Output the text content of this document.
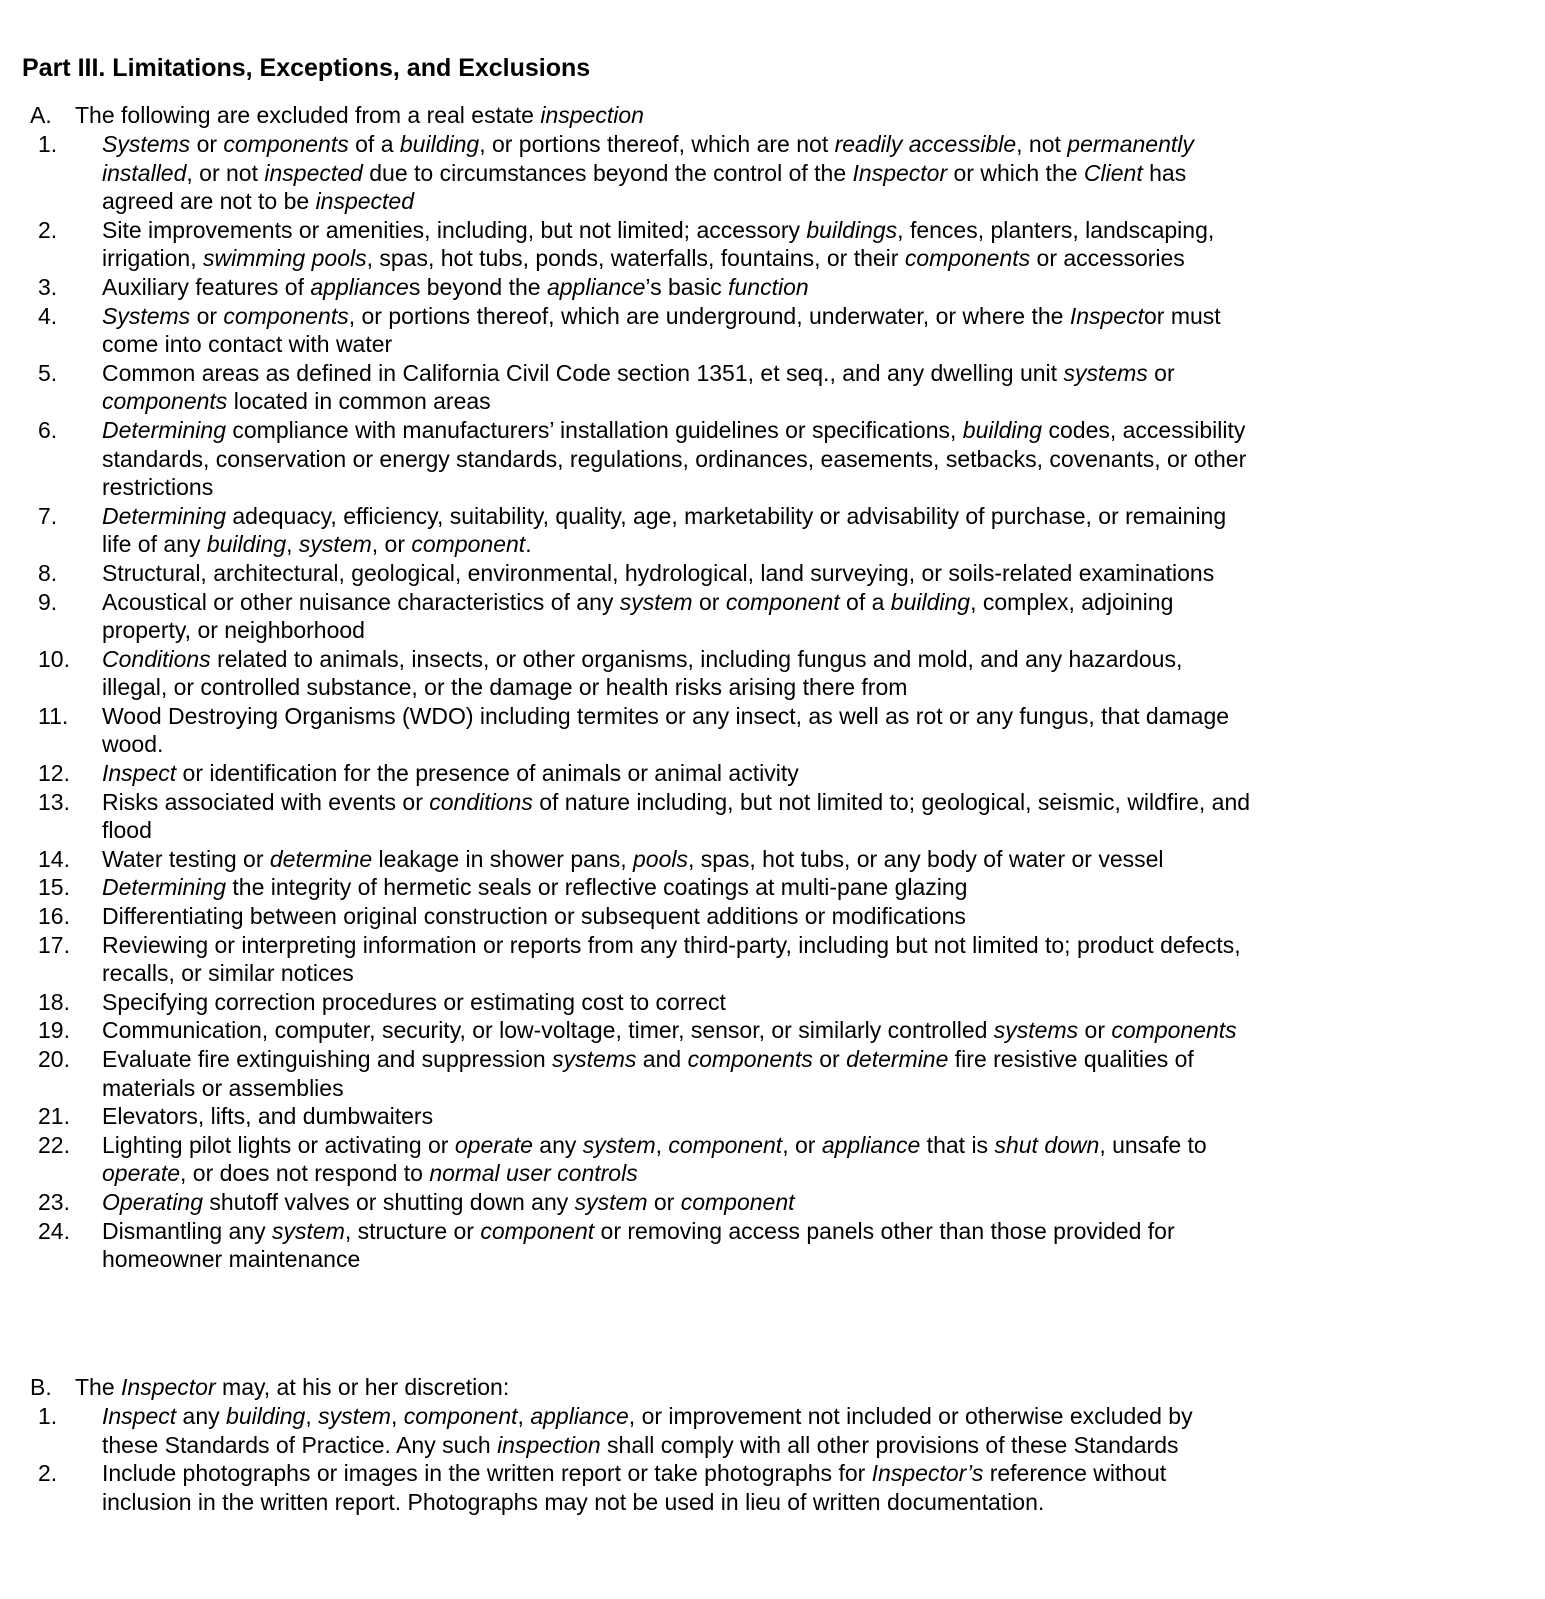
Part III. Limitations, Exceptions, and Exclusions
A. The following are excluded from a real estate inspection
1. Systems or components of a building, or portions thereof, which are not readily accessible, not permanently installed, or not inspected due to circumstances beyond the control of the Inspector or which the Client has agreed are not to be inspected
2. Site improvements or amenities, including, but not limited; accessory buildings, fences, planters, landscaping, irrigation, swimming pools, spas, hot tubs, ponds, waterfalls, fountains, or their components or accessories
3. Auxiliary features of appliances beyond the appliance’s basic function
4. Systems or components, or portions thereof, which are underground, underwater, or where the Inspector must come into contact with water
5. Common areas as defined in California Civil Code section 1351, et seq., and any dwelling unit systems or components located in common areas
6. Determining compliance with manufacturers’ installation guidelines or specifications, building codes, accessibility standards, conservation or energy standards, regulations, ordinances, easements, setbacks, covenants, or other restrictions
7. Determining adequacy, efficiency, suitability, quality, age, marketability or advisability of purchase, or remaining life of any building, system, or component.
8. Structural, architectural, geological, environmental, hydrological, land surveying, or soils-related examinations
9. Acoustical or other nuisance characteristics of any system or component of a building, complex, adjoining property, or neighborhood
10. Conditions related to animals, insects, or other organisms, including fungus and mold, and any hazardous, illegal, or controlled substance, or the damage or health risks arising there from
11. Wood Destroying Organisms (WDO) including termites or any insect, as well as rot or any fungus, that damage wood.
12. Inspect or identification for the presence of animals or animal activity
13. Risks associated with events or conditions of nature including, but not limited to; geological, seismic, wildfire, and flood
14. Water testing or determine leakage in shower pans, pools, spas, hot tubs, or any body of water or vessel
15. Determining the integrity of hermetic seals or reflective coatings at multi-pane glazing
16. Differentiating between original construction or subsequent additions or modifications
17. Reviewing or interpreting information or reports from any third-party, including but not limited to; product defects, recalls, or similar notices
18. Specifying correction procedures or estimating cost to correct
19. Communication, computer, security, or low-voltage, timer, sensor, or similarly controlled systems or components
20. Evaluate fire extinguishing and suppression systems and components or determine fire resistive qualities of materials or assemblies
21. Elevators, lifts, and dumbwaiters
22. Lighting pilot lights or activating or operate any system, component, or appliance that is shut down, unsafe to operate, or does not respond to normal user controls
23. Operating shutoff valves or shutting down any system or component
24. Dismantling any system, structure or component or removing access panels other than those provided for homeowner maintenance
B. The Inspector may, at his or her discretion:
1. Inspect any building, system, component, appliance, or improvement not included or otherwise excluded by these Standards of Practice. Any such inspection shall comply with all other provisions of these Standards
2. Include photographs or images in the written report or take photographs for Inspector’s reference without inclusion in the written report. Photographs may not be used in lieu of written documentation.
